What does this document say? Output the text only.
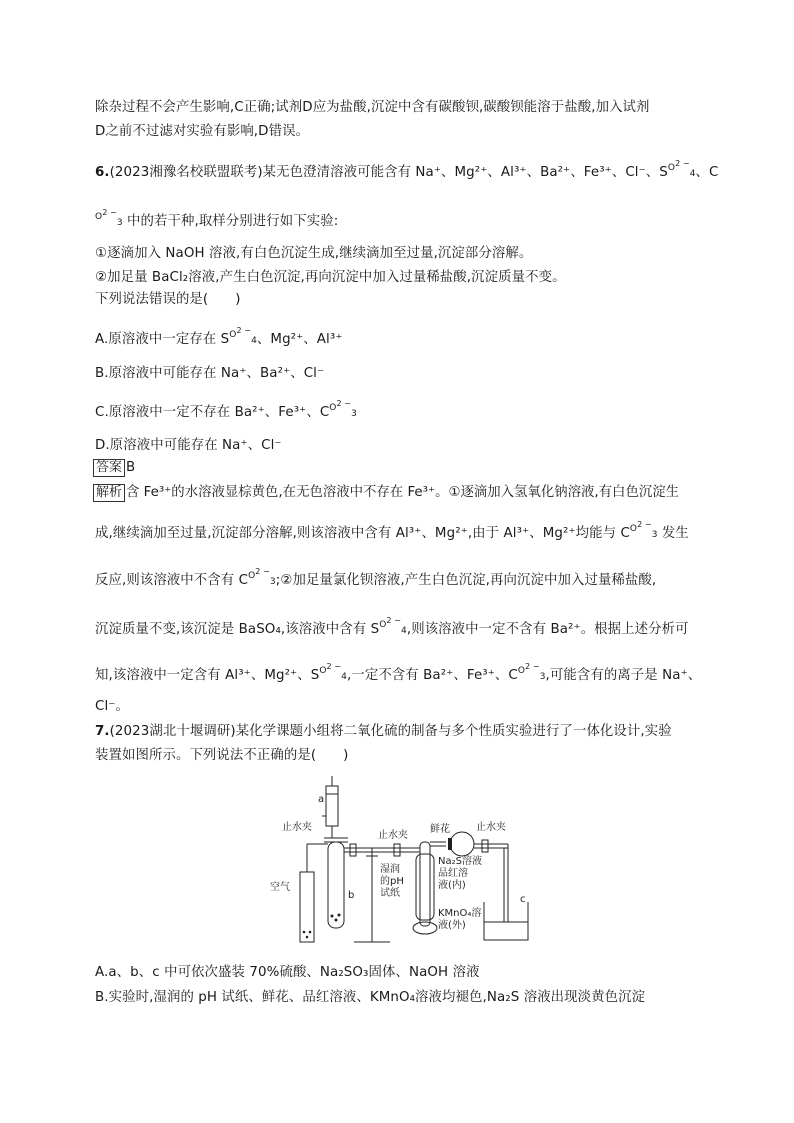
除杂过程不会产生影响,C正确;试剂D应为盐酸,沉淀中含有碳酸钡,碳酸钡能溶于盐酸,加入试剂
D之前不过滤对实验有影响,D错误。
6.(2023湘豫名校联盟联考)某无色澄清溶液可能含有 Na⁺、Mg²⁺、Al³⁺、Ba²⁺、Fe³⁺、Cl⁻、$S^{O2 -}4$、C
$^{O2 -}$3 中的若干种,取样分别进行如下实验:
①逐滴加入 NaOH 溶液,有白色沉淀生成,继续滴加至过量,沉淀部分溶解。
②加足量 BaCl₂溶液,产生白色沉淀,再向沉淀中加入过量稀盐酸,沉淀质量不变。
下列说法错误的是(　　)
A.原溶液中一定存在 $S^{O2 -}4$、Mg²⁺、Al³⁺
B.原溶液中可能存在 Na⁺、Ba²⁺、Cl⁻
C.原溶液中一定不存在 Ba²⁺、Fe³⁺、$C^{O2 -}3$
D.原溶液中可能存在 Na⁺、Cl⁻
答案 B
解析 含 Fe³⁺的水溶液显棕黄色,在无色溶液中不存在 Fe³⁺。①逐滴加入氢氧化钠溶液,有白色沉淀生
成,继续滴加至过量,沉淀部分溶解,则该溶液中含有 Al³⁺、Mg²⁺,由于 Al³⁺、Mg²⁺均能与 $C^{O2 -}3$ 发生
反应,则该溶液中不含有 $C^{O2 -}3;②$加足量氯化钡溶液,产生白色沉淀,再向沉淀中加入过量稀盐酸,
沉淀质量不变,该沉淀是 BaSO₄,该溶液中含有 $S^{O2 -}4$,则该溶液中一定不含有 Ba²⁺。根据上述分析可
知,该溶液中一定含有 Al³⁺、Mg²⁺、$S^{O2 -}4$,一定不含有 Ba²⁺、Fe³⁺、$C^{O2 -}3$,可能含有的离子是 Na⁺、
Cl⁻。
7.(2023湖北十堰调研)某化学课题小组将二氧化硫的制备与多个性质实验进行了一体化设计,实验
装置如图所示。下列说法不正确的是(　　)
a
b	c
止水夹
止水夹
止水夹
空气
鲜花
湿润
的pH
试纸
Na₂S溶液
品红溶
液(内)
KMnO₄溶
液(外)
A.a、b、c 中可依次盛装 70%硫酸、Na₂SO₃固体、NaOH 溶液
B.实验时,湿润的 pH 试纸、鲜花、品红溶液、KMnO₄溶液均褪色,Na₂S 溶液出现淡黄色沉淀
